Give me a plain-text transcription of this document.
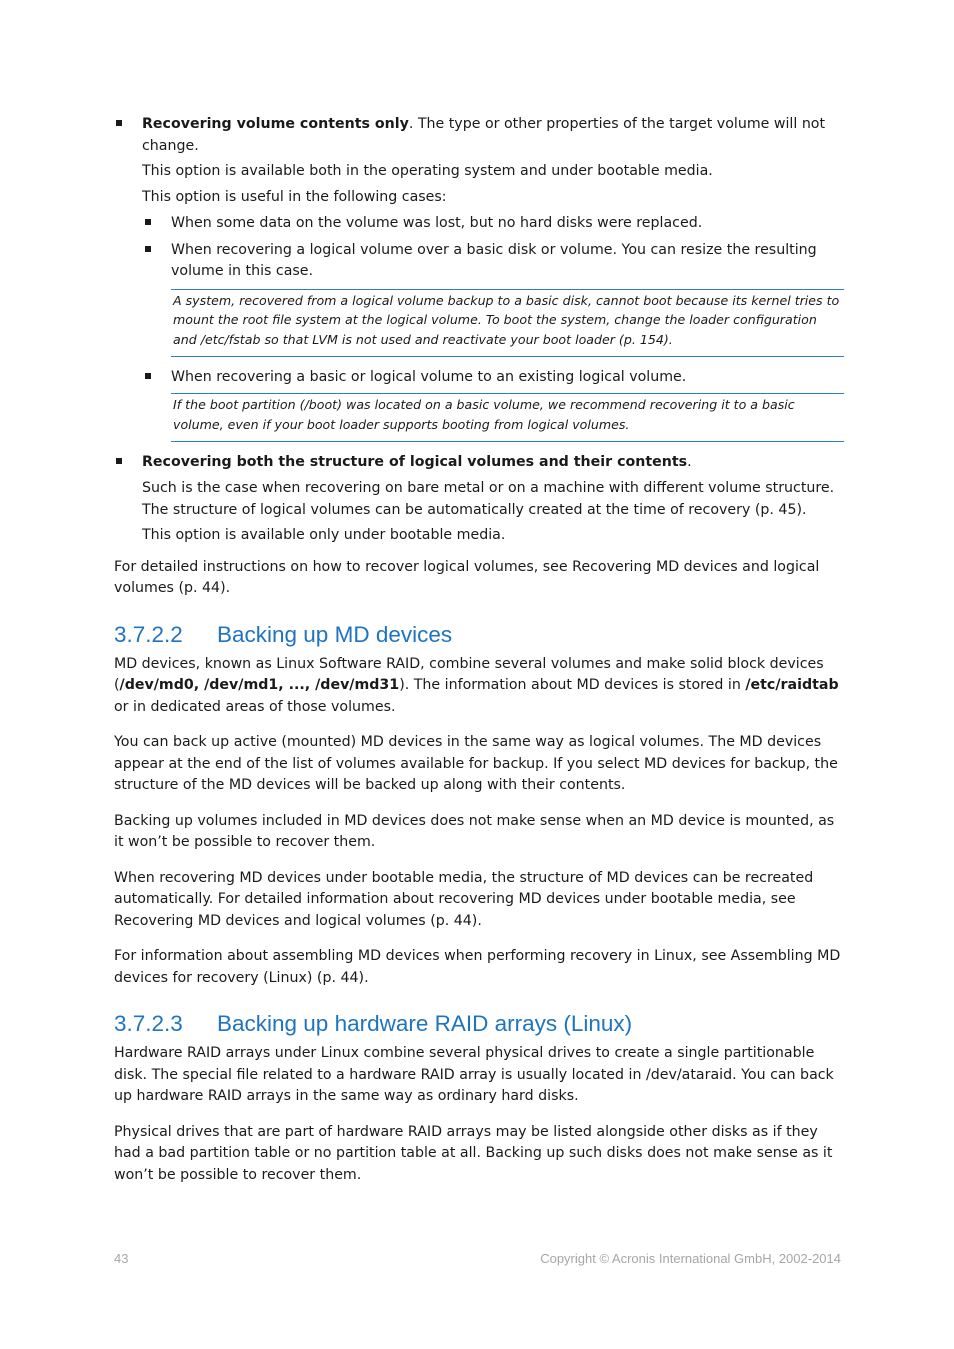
Recovering volume contents only. The type or other properties of the target volume will not change.

This option is available both in the operating system and under bootable media.

This option is useful in the following cases:

When some data on the volume was lost, but no hard disks were replaced.

When recovering a logical volume over a basic disk or volume. You can resize the resulting volume in this case.

A system, recovered from a logical volume backup to a basic disk, cannot boot because its kernel tries to mount the root file system at the logical volume. To boot the system, change the loader configuration and /etc/fstab so that LVM is not used and reactivate your boot loader (p. 154).

When recovering a basic or logical volume to an existing logical volume.

If the boot partition (/boot) was located on a basic volume, we recommend recovering it to a basic volume, even if your boot loader supports booting from logical volumes.

Recovering both the structure of logical volumes and their contents.

Such is the case when recovering on bare metal or on a machine with different volume structure. The structure of logical volumes can be automatically created at the time of recovery (p. 45).

This option is available only under bootable media.

For detailed instructions on how to recover logical volumes, see Recovering MD devices and logical volumes (p. 44).

3.7.2.2 Backing up MD devices

MD devices, known as Linux Software RAID, combine several volumes and make solid block devices (/dev/md0, /dev/md1, ..., /dev/md31). The information about MD devices is stored in /etc/raidtab or in dedicated areas of those volumes.

You can back up active (mounted) MD devices in the same way as logical volumes. The MD devices appear at the end of the list of volumes available for backup. If you select MD devices for backup, the structure of the MD devices will be backed up along with their contents.

Backing up volumes included in MD devices does not make sense when an MD device is mounted, as it won’t be possible to recover them.

When recovering MD devices under bootable media, the structure of MD devices can be recreated automatically. For detailed information about recovering MD devices under bootable media, see Recovering MD devices and logical volumes (p. 44).

For information about assembling MD devices when performing recovery in Linux, see Assembling MD devices for recovery (Linux) (p. 44).

3.7.2.3 Backing up hardware RAID arrays (Linux)

Hardware RAID arrays under Linux combine several physical drives to create a single partitionable disk. The special file related to a hardware RAID array is usually located in /dev/ataraid. You can back up hardware RAID arrays in the same way as ordinary hard disks.

Physical drives that are part of hardware RAID arrays may be listed alongside other disks as if they had a bad partition table or no partition table at all. Backing up such disks does not make sense as it won’t be possible to recover them.

43	Copyright © Acronis International GmbH, 2002-2014
